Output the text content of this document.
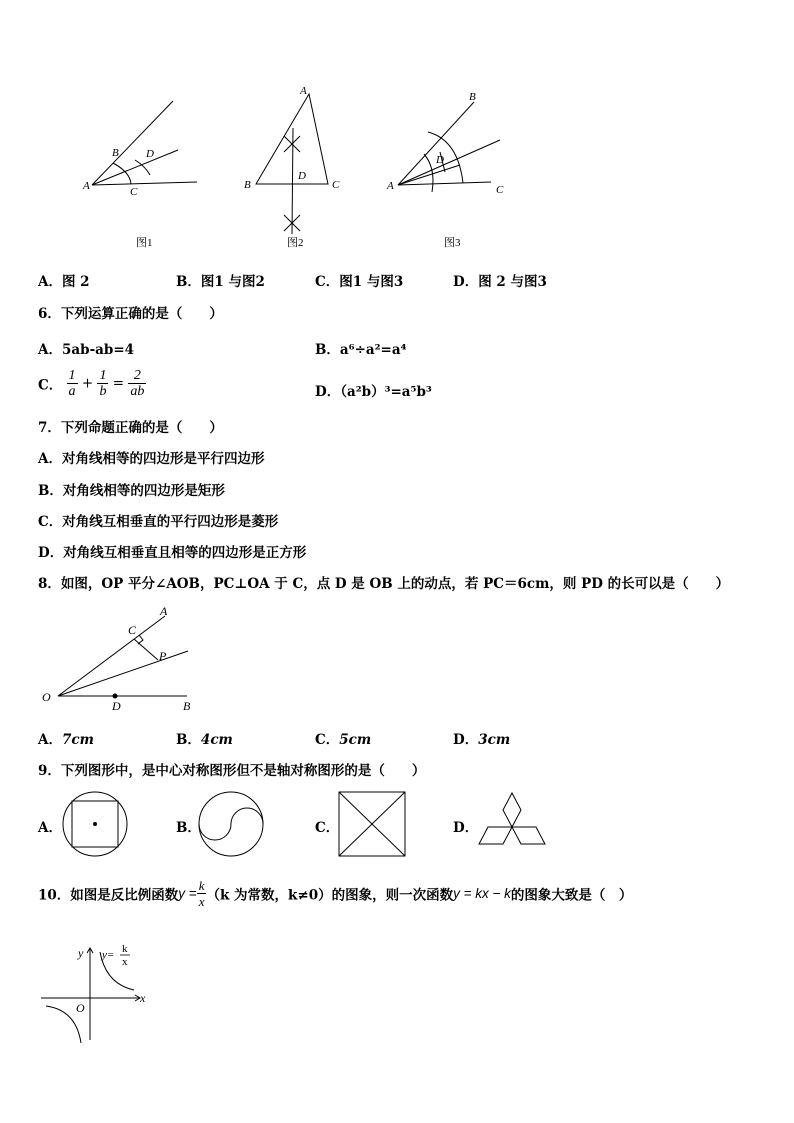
A
B
C
D
图1
A
B	C
D
图2
A
B
C
D
图3
A．图 2	B．图1 与图2	C．图1 与图3	D．图 2 与图3
6．下列运算正确的是（　　）
A．5ab-ab=4	B．a⁶÷a²=a⁴
C． $\frac{1}{a} + \frac{1}{b} = \frac{2}{ab}$	D．（a²b）³=a⁵b³
7．下列命题正确的是（　　）
A．对角线相等的四边形是平行四边形
B．对角线相等的四边形是矩形
C．对角线互相垂直的平行四边形是菱形
D．对角线互相垂直且相等的四边形是正方形
8．如图，OP 平分∠AOB，PC⊥OA 于 C，点 D 是 OB 上的动点，若 PC＝6cm，则 PD 的长可以是（　　）
A
C
P
O
D	B
A．7cm	B．4cm	C．5cm	D．3cm
9．下列图形中，是中心对称图形但不是轴对称图形的是（　　）
A．	B．	C．	D．
10．如图是反比例函数$y = \frac{k}{x} (k$ 为常数，k≠0）的图象，则一次函数y = kx − k的图象大致是（　）
y
x
O
y= k
x
